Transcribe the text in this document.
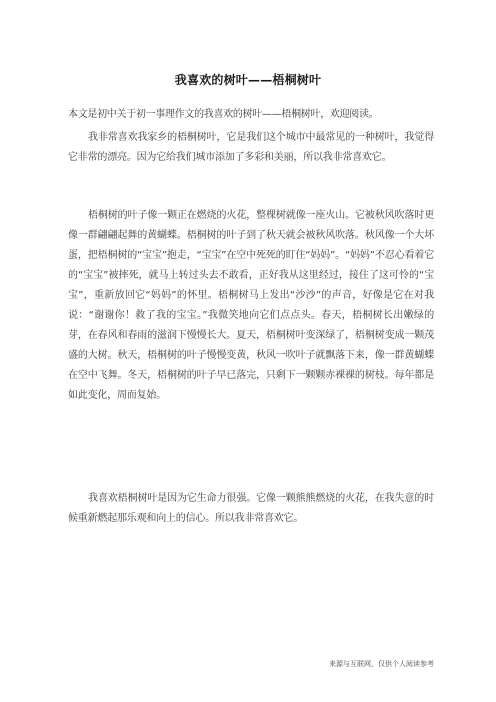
我喜欢的树叶——梧桐树叶
本文是初中关于初一事理作文的我喜欢的树叶——梧桐树叶，欢迎阅读。
我非常喜欢我家乡的梧桐树叶，它是我们这个城市中最常见的一种树叶，我觉得它非常的漂亮。因为它给我们城市添加了多彩和美丽，所以我非常喜欢它。
梧桐树的叶子像一颗正在燃烧的火花，整棵树就像一座火山。它被秋风吹落时更像一群翩翩起舞的黄蝴蝶。梧桐树的叶子到了秋天就会被秋风吹落。秋风像一个大坏蛋，把梧桐树的“宝宝”抱走，“宝宝”在空中死死的盯住“妈妈”。“妈妈”不忍心看着它的“宝宝”被摔死，就马上转过头去不敢看，正好我从这里经过，接住了这可怜的“宝宝”，重新放回它“妈妈”的怀里。梧桐树马上发出“沙沙”的声音，好像是它在对我说：“谢谢你！救了我的宝宝。”我微笑地向它们点点头。春天，梧桐树长出嫩绿的芽，在春风和春雨的滋润下慢慢长大。夏天，梧桐树叶变深绿了，梧桐树变成一颗茂盛的大树。秋天，梧桐树的叶子慢慢变黄，秋风一吹叶子就飘落下来，像一群黄蝴蝶在空中飞舞。冬天，梧桐树的叶子早已落完，只剩下一颗颗赤裸裸的树枝。每年都是如此变化，周而复始。
我喜欢梧桐树叶是因为它生命力很强。它像一颗熊熊燃烧的火花，在我失意的时候重新燃起那乐观和向上的信心。所以我非常喜欢它。
来源与互联网，仅供个人阅读参考
